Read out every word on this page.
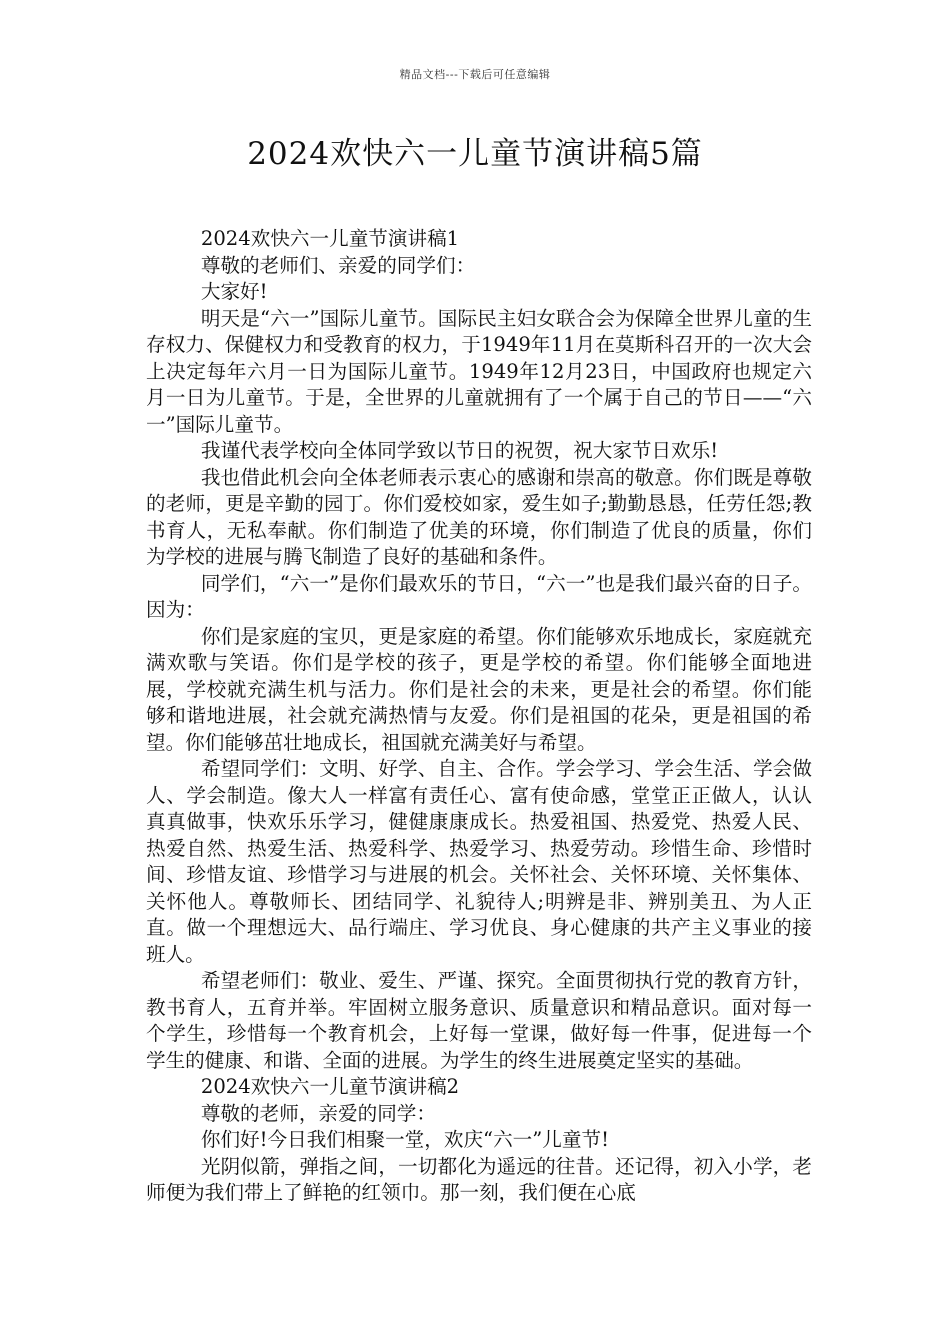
精品文档---下载后可任意编辑
2024欢快六一儿童节演讲稿5篇

2024欢快六一儿童节演讲稿1

尊敬的老师们、亲爱的同学们：

大家好!

明天是“六一”国际儿童节。国际民主妇女联合会为保障全世界儿童的生存权力、保健权力和受教育的权力，于1949年11月在莫斯科召开的一次大会上决定每年六月一日为国际儿童节。1949年12月23日，中国政府也规定六月一日为儿童节。于是，全世界的儿童就拥有了一个属于自己的节日——“六一”国际儿童节。

我谨代表学校向全体同学致以节日的祝贺，祝大家节日欢乐!

我也借此机会向全体老师表示衷心的感谢和崇高的敬意。你们既是尊敬的老师，更是辛勤的园丁。你们爱校如家，爱生如子;勤勤恳恳，任劳任怨;教书育人，无私奉献。你们制造了优美的环境，你们制造了优良的质量，你们为学校的进展与腾飞制造了良好的基础和条件。

同学们，“六一”是你们最欢乐的节日，“六一”也是我们最兴奋的日子。因为：

你们是家庭的宝贝，更是家庭的希望。你们能够欢乐地成长，家庭就充满欢歌与笑语。你们是学校的孩子，更是学校的希望。你们能够全面地进展，学校就充满生机与活力。你们是社会的未来，更是社会的希望。你们能够和谐地进展，社会就充满热情与友爱。你们是祖国的花朵，更是祖国的希望。你们能够茁壮地成长，祖国就充满美好与希望。

希望同学们：文明、好学、自主、合作。学会学习、学会生活、学会做人、学会制造。像大人一样富有责任心、富有使命感，堂堂正正做人，认认真真做事，快欢乐乐学习，健健康康成长。热爱祖国、热爱党、热爱人民、热爱自然、热爱生活、热爱科学、热爱学习、热爱劳动。珍惜生命、珍惜时间、珍惜友谊、珍惜学习与进展的机会。关怀社会、关怀环境、关怀集体、关怀他人。尊敬师长、团结同学、礼貌待人;明辨是非、辨别美丑、为人正直。做一个理想远大、品行端庄、学习优良、身心健康的共产主义事业的接班人。

希望老师们：敬业、爱生、严谨、探究。全面贯彻执行党的教育方针，教书育人，五育并举。牢固树立服务意识、质量意识和精品意识。面对每一个学生，珍惜每一个教育机会，上好每一堂课，做好每一件事，促进每一个学生的健康、和谐、全面的进展。为学生的终生进展奠定坚实的基础。

2024欢快六一儿童节演讲稿2

尊敬的老师，亲爱的同学：

你们好!今日我们相聚一堂，欢庆“六一”儿童节!

光阴似箭，弹指之间，一切都化为遥远的往昔。还记得，初入小学，老师便为我们带上了鲜艳的红领巾。那一刻，我们便在心底
